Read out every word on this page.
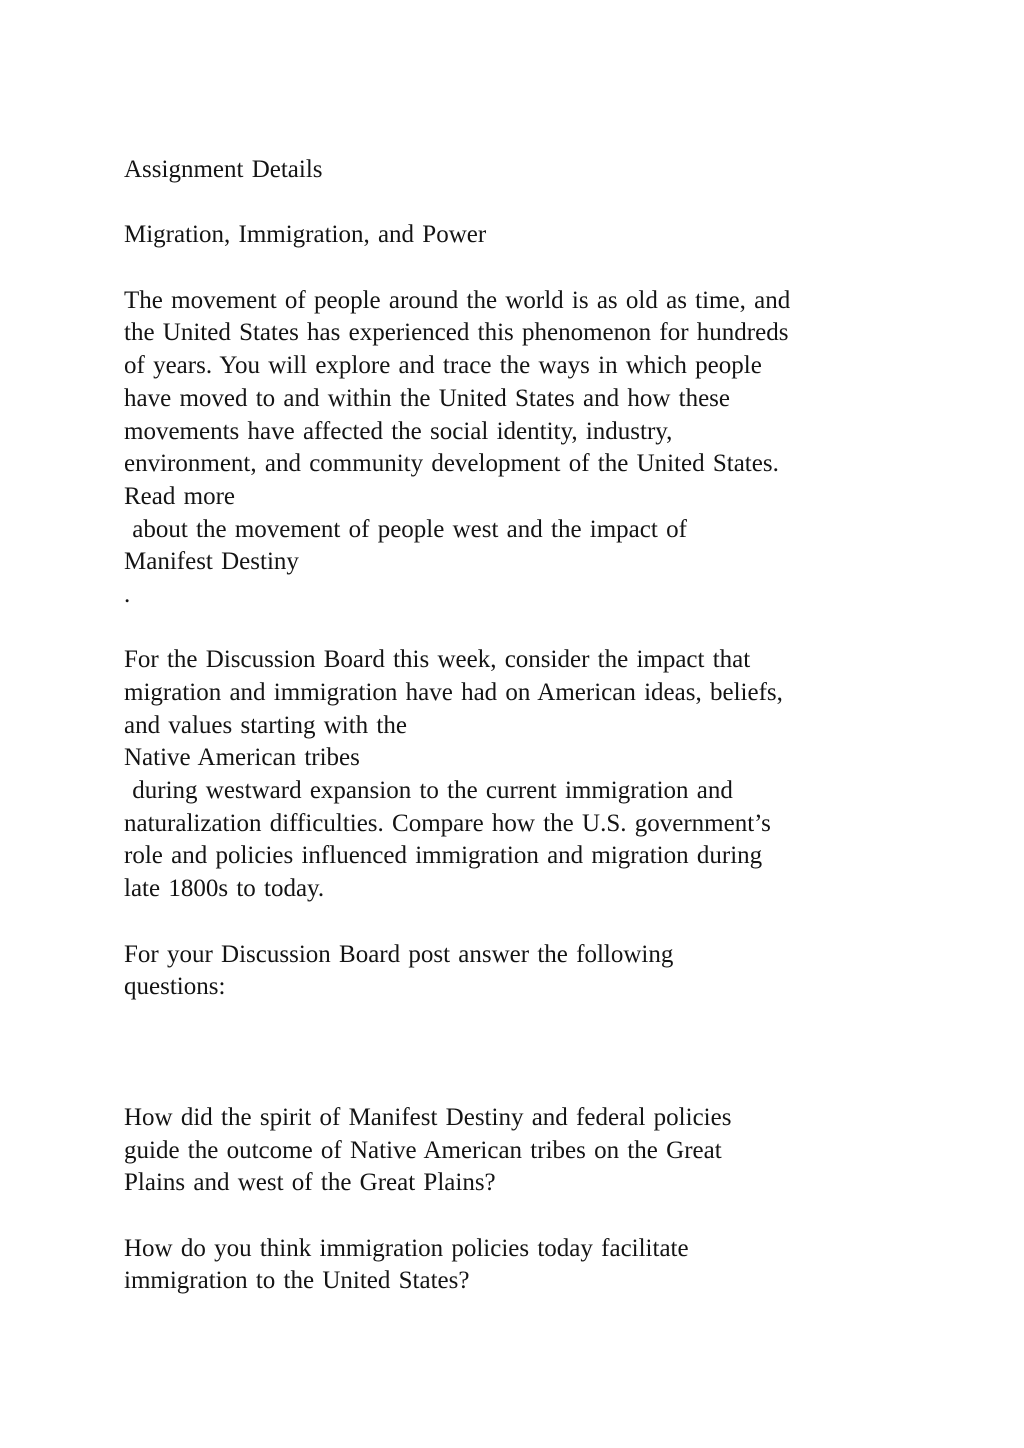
Assignment Details
Migration, Immigration, and Power
The movement of people around the world is as old as time, and
the United States has experienced this phenomenon for hundreds
of years. You will explore and trace the ways in which people
have moved to and within the United States and how these
movements have affected the social identity, industry,
environment, and community development of the United States.
Read more
about the movement of people west and the impact of
Manifest Destiny
.
For the Discussion Board this week, consider the impact that
migration and immigration have had on American ideas, beliefs,
and values starting with the
Native American tribes
during westward expansion to the current immigration and
naturalization difficulties. Compare how the U.S. government’s
role and policies influenced immigration and migration during
late 1800s to today.
For your Discussion Board post answer the following
questions:
How did the spirit of Manifest Destiny and federal policies
guide the outcome of Native American tribes on the Great
Plains and west of the Great Plains?
How do you think immigration policies today facilitate
immigration to the United States?
